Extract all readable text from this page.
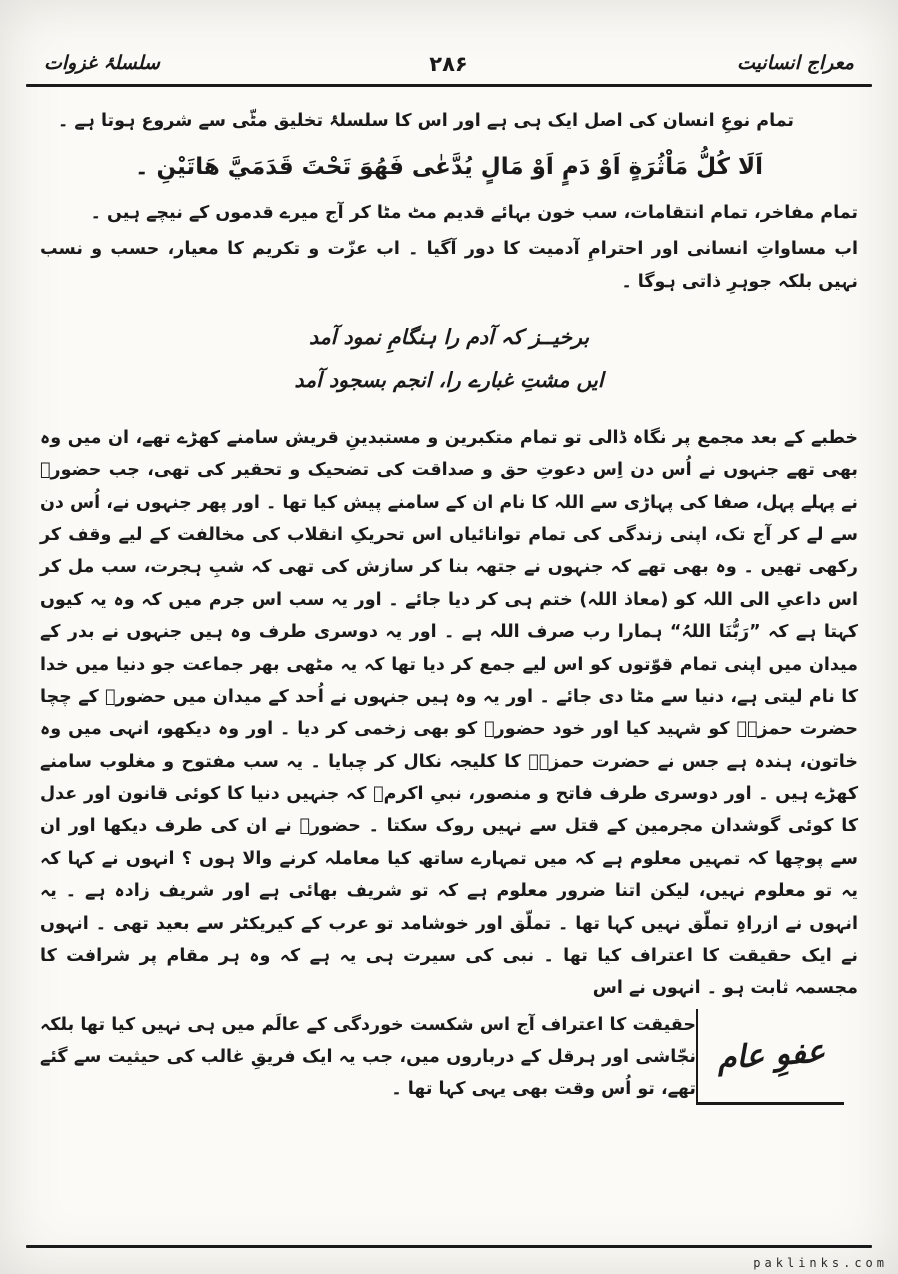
سلسلۂ غزوات	۲۸۶	معراج انسانیت

تمام نوعِ انسان کی اصل ایک ہی ہے اور اس کا سلسلۂ تخلیق مٹّی سے شروع ہوتا ہے ۔

اَلَا كُلُّ مَاْثُرَةٍ اَوْ دَمٍ اَوْ مَالٍ يُدَّعٰى فَهُوَ تَحْتَ قَدَمَيَّ هَاتَيْنِ ۔

تمام مفاخر، تمام انتقامات، سب خون بہائے قدیم مٹ مٹا کر آج میرے قدموں کے نیچے ہیں ۔

اب مساواتِ انسانی اور احترامِ آدمیت کا دور آگیا ۔ اب عزّت و تکریم کا معیار، حسب و نسب نہیں بلکہ جوہرِ ذاتی ہوگا ۔

برخیــز کہ آدم را ہنگامِ نمود آمد

ایں مشتِ غبارے را، انجم بسجود آمد

خطبے کے بعد مجمع پر نگاہ ڈالی تو تمام متکبرین و مستبدینِ قریش سامنے کھڑے تھے، ان میں وہ بھی تھے جنہوں نے اُس دن اِس دعوتِ حق و صداقت کی تضحیک و تحقیر کی تھی، جب حضورؐ نے پہلے پہل، صفا کی پہاڑی سے اللہ کا نام ان کے سامنے پیش کیا تھا ۔ اور پھر جنہوں نے، اُس دن سے لے کر آج تک، اپنی زندگی کی تمام توانائیاں اس تحریکِ انقلاب کی مخالفت کے لیے وقف کر رکھی تھیں ۔ وہ بھی تھے کہ جنہوں نے جتھہ بنا کر سازش کی تھی کہ شبِ ہجرت، سب مل کر اس داعیِ الی اللہ کو (معاذ اللہ) ختم ہی کر دیا جائے ۔ اور یہ سب اس جرم میں کہ وہ یہ کیوں کہتا ہے کہ ”رَبُّنَا اللہُ“ ہمارا رب صرف اللہ ہے ۔ اور یہ دوسری طرف وہ ہیں جنہوں نے بدر کے میدان میں اپنی تمام قوّتوں کو اس لیے جمع کر دیا تھا کہ یہ مٹھی بھر جماعت جو دنیا میں خدا کا نام لیتی ہے، دنیا سے مٹا دی جائے ۔ اور یہ وہ ہیں جنہوں نے اُحد کے میدان میں حضورؐ کے چچا حضرت حمزہؓ کو شہید کیا اور خود حضورؐ کو بھی زخمی کر دیا ۔ اور وہ دیکھو، انہی میں وہ خاتون، ہندہ ہے جس نے حضرت حمزہؓ کا کلیجہ نکال کر چبایا ۔ یہ سب مفتوح و مغلوب سامنے کھڑے ہیں ۔ اور دوسری طرف فاتح و منصور، نبیِ اکرمؐ کہ جنہیں دنیا کا کوئی قانون اور عدل کا کوئی گوشدان مجرمین کے قتل سے نہیں روک سکتا ۔ حضورؐ نے ان کی طرف دیکھا اور ان سے پوچھا کہ تمہیں معلوم ہے کہ میں تمہارے ساتھ کیا معاملہ کرنے والا ہوں ؟ انہوں نے کہا کہ یہ تو معلوم نہیں، لیکن اتنا ضرور معلوم ہے کہ تو شریف بھائی ہے اور شریف زادہ ہے ۔ یہ انہوں نے ازراہِ تملّق نہیں کہا تھا ۔ تملّق اور خوشامد تو عرب کے کیریکٹر سے بعید تھی ۔ انہوں نے ایک حقیقت کا اعتراف کیا تھا ۔ نبی کی سیرت ہی یہ ہے کہ وہ ہر مقام پر شرافت کا مجسمہ ثابت ہو ۔ انہوں نے اس

عفوِ عام

حقیقت کا اعتراف آج اس شکست خوردگی کے عالَم میں ہی نہیں کیا تھا بلکہ نجّاشی اور ہرقل کے درباروں میں، جب یہ ایک فریقِ غالب کی حیثیت سے گئے تھے، تو اُس وقت بھی یہی کہا تھا ۔

paklinks.com
